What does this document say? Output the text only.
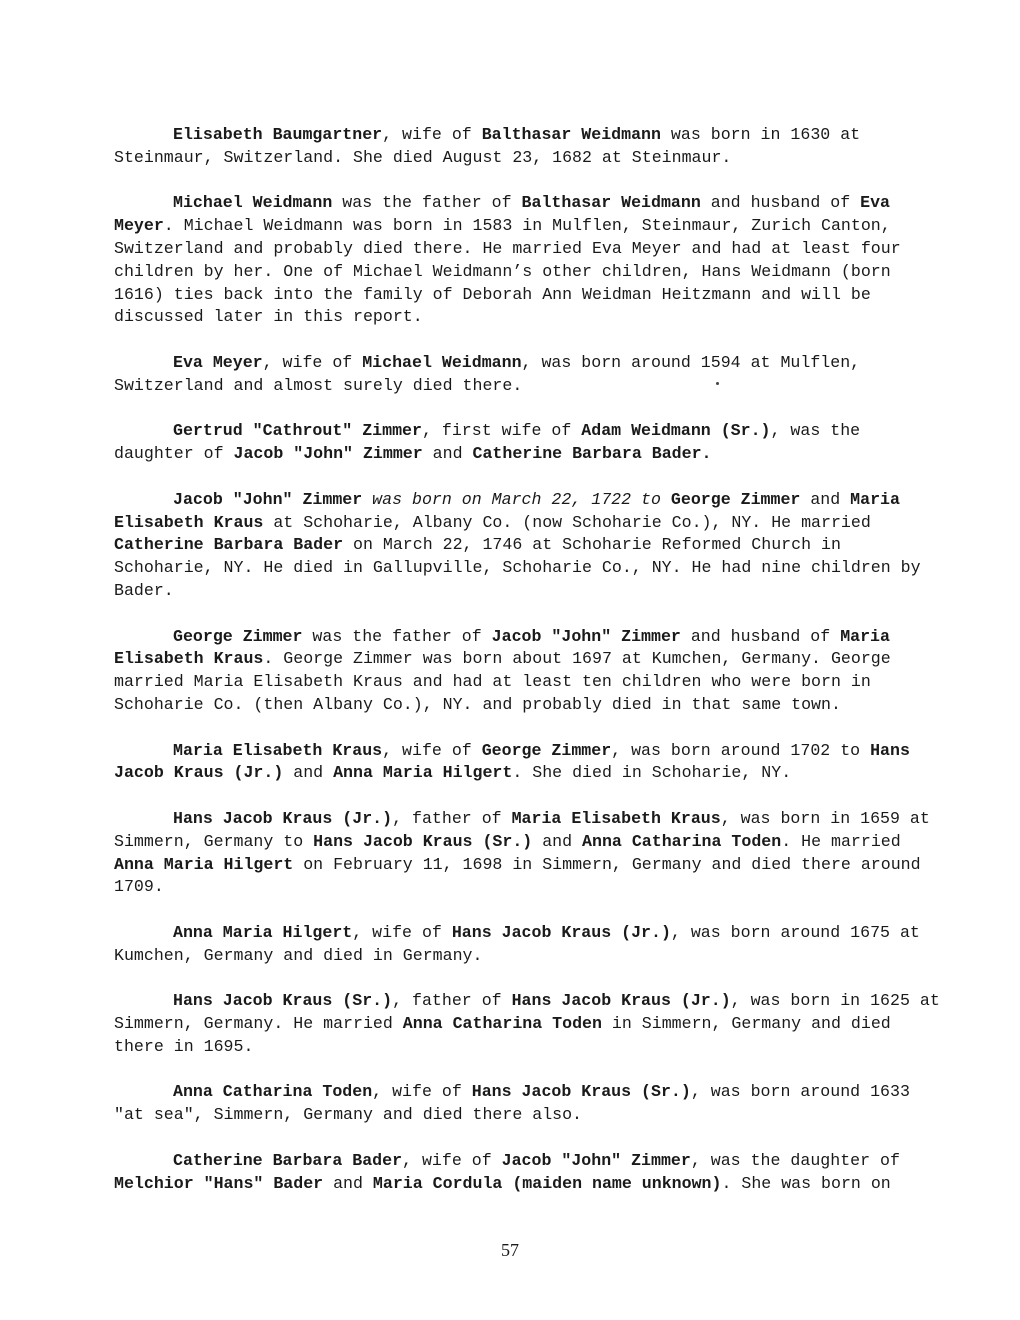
Elisabeth Baumgartner, wife of Balthasar Weidmann was born in 1630 at Steinmaur, Switzerland. She died August 23, 1682 at Steinmaur.

Michael Weidmann was the father of Balthasar Weidmann and husband of Eva Meyer. Michael Weidmann was born in 1583 in Mulflen, Steinmaur, Zurich Canton, Switzerland and probably died there. He married Eva Meyer and had at least four children by her. One of Michael Weidmann’s other children, Hans Weidmann (born 1616) ties back into the family of Deborah Ann Weidman Heitzmann and will be discussed later in this report.

Eva Meyer, wife of Michael Weidmann, was born around 1594 at Mulflen, Switzerland and almost surely died there.

Gertrud "Cathrout" Zimmer, first wife of Adam Weidmann (Sr.), was the daughter of Jacob "John" Zimmer and Catherine Barbara Bader.

Jacob "John" Zimmer was born on March 22, 1722 to George Zimmer and Maria Elisabeth Kraus at Schoharie, Albany Co. (now Schoharie Co.), NY. He married Catherine Barbara Bader on March 22, 1746 at Schoharie Reformed Church in Schoharie, NY. He died in Gallupville, Schoharie Co., NY. He had nine children by Bader.

George Zimmer was the father of Jacob "John" Zimmer and husband of Maria Elisabeth Kraus. George Zimmer was born about 1697 at Kumchen, Germany. George married Maria Elisabeth Kraus and had at least ten children who were born in Schoharie Co. (then Albany Co.), NY. and probably died in that same town.

Maria Elisabeth Kraus, wife of George Zimmer, was born around 1702 to Hans Jacob Kraus (Jr.) and Anna Maria Hilgert. She died in Schoharie, NY.

Hans Jacob Kraus (Jr.), father of Maria Elisabeth Kraus, was born in 1659 at Simmern, Germany to Hans Jacob Kraus (Sr.) and Anna Catharina Toden. He married Anna Maria Hilgert on February 11, 1698 in Simmern, Germany and died there around 1709.

Anna Maria Hilgert, wife of Hans Jacob Kraus (Jr.), was born around 1675 at Kumchen, Germany and died in Germany.

Hans Jacob Kraus (Sr.), father of Hans Jacob Kraus (Jr.), was born in 1625 at Simmern, Germany. He married Anna Catharina Toden in Simmern, Germany and died there in 1695.

Anna Catharina Toden, wife of Hans Jacob Kraus (Sr.), was born around 1633 "at sea", Simmern, Germany and died there also.

Catherine Barbara Bader, wife of Jacob "John" Zimmer, was the daughter of Melchior "Hans" Bader and Maria Cordula (maiden name unknown). She was born on

57
